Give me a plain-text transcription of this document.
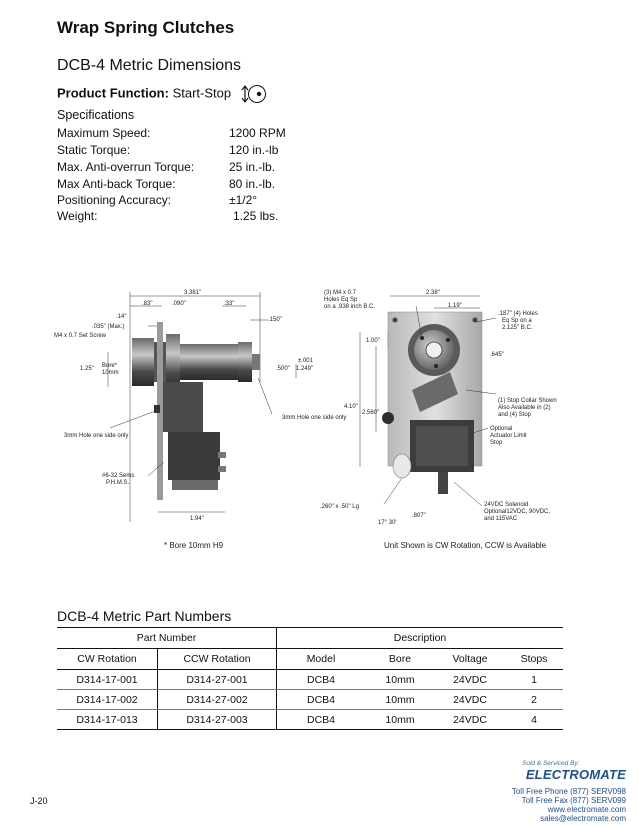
Wrap Spring Clutches
DCB-4 Metric Dimensions
Product Function: Start-Stop
Specifications
Maximum Speed:	1200 RPM
Static Torque:	120 in.-lb
Max. Anti-overrun Torque:	25 in.-lb.
Max Anti-back Torque:	80 in.-lb.
Positioning Accuracy:	±1/2°
Weight:	1.25 lbs.
3.381"
.83"	.090"	.33"
.150"
.14"
.035" (Max.)
M4 x 0.7 Set Screw
1.25" Bore*
10mm
±.001
.500" 1.249"
3mm Hole one side only
3mm Hole one side only
#6-32 Sems
P.H.M.S.
1.94"
(3) M4 x 0.7
Holes Eq Sp
on a .938 inch B.C.
2.38"
1.19"
.187" (4) Holes
Eq Sp on a
2.125" B.C.
1.00"
.645"
4.10"
2.560"
(1) Stop Collar Shown
Also Available in (2)
and (4) Stop
Optional
Actuator Limit
Stop
.260" x .50" Lg
.807"
17° 30'
24VDC Solenoid
Optional12VDC, 90VDC,
and 115VAC
* Bore 10mm H9	Unit Shown is CW Rotation, CCW is Available
DCB-4 Metric Part Numbers
Part Number		Description			
CW Rotation	CCW Rotation	Model	Bore	Voltage	Stops
D314-17-001	D314-27-001	DCB4	10mm	24VDC	1
D314-17-002	D314-27-002	DCB4	10mm	24VDC	2
D314-17-013	D314-27-003	DCB4	10mm	24VDC	4
J-20
Sold & Serviced By:
ELECTROMATE
Toll Free Phone (877) SERV098
Toll Free Fax (877) SERV099
www.electromate.com
sales@electromate.com
